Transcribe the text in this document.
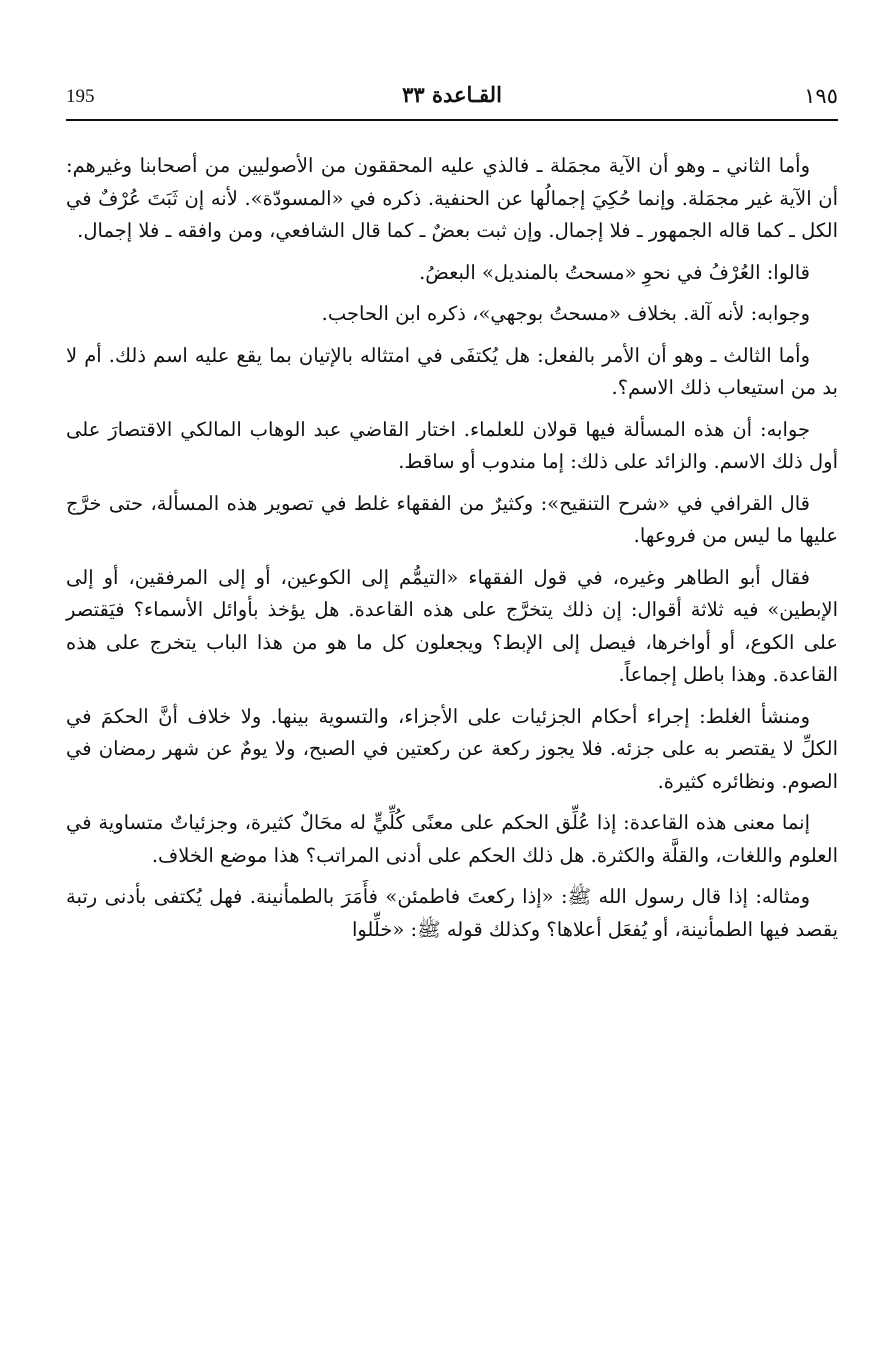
195	القـاعدة ٣٣	١٩٥

وأما الثاني ـ وهو أن الآية مجمَلة ـ فالذي عليه المحققون من الأصوليين من أصحابنا وغيرهم: أن الآية غير مجمَلة. وإنما حُكِيَ إجمالُها عن الحنفية. ذكره في «المسودّة». لأنه إن ثَبَتَ عُرْفٌ في الكل ـ كما قاله الجمهور ـ فلا إجمال. وإن ثبت بعضٌ ـ كما قال الشافعي، ومن وافقه ـ فلا إجمال.

قالوا: العُرْفُ في نحوِ «مسحتُ بالمنديل» البعضُ.

وجوابه: لأنه آلة. بخلاف «مسحتُ بوجهي»، ذكره ابن الحاجب.

وأما الثالث ـ وهو أن الأمر بالفعل: هل يُكتفَى في امتثاله بالإتيان بما يقع عليه اسم ذلك. أم لا بد من استيعاب ذلك الاسم؟.

جوابه: أن هذه المسألة فيها قولان للعلماء. اختار القاضي عبد الوهاب المالكي الاقتصارَ على أول ذلك الاسم. والزائد على ذلك: إما مندوب أو ساقط.

قال القرافي في «شرح التنقيح»: وكثيرٌ من الفقهاء غلط في تصوير هذه المسألة، حتى خرَّج عليها ما ليس من فروعها.

فقال أبو الطاهر وغيره، في قول الفقهاء «التيمُّم إلى الكوعين، أو إلى المرفقين، أو إلى الإبطين» فيه ثلاثة أقوال: إن ذلك يتخرَّج على هذه القاعدة. هل يؤخذ بأوائل الأسماء؟ فيَقتصر على الكوع، أو أواخرها، فيصل إلى الإبط؟ ويجعلون كل ما هو من هذا الباب يتخرج على هذه القاعدة. وهذا باطل إجماعاً.

ومنشأ الغلط: إجراء أحكام الجزئيات على الأجزاء، والتسوية بينها. ولا خلاف أنَّ الحكمَ في الكلِّ لا يقتصر به على جزئه. فلا يجوز ركعة عن ركعتين في الصبح، ولا يومٌ عن شهر رمضان في الصوم. ونظائره كثيرة.

إنما معنى هذه القاعدة: إذا عُلِّق الحكم على معنًى كُلِّيٍّ له محَالٌ كثيرة، وجزئياتٌ متساوية في العلوم واللغات، والقلَّة والكثرة. هل ذلك الحكم على أدنى المراتب؟ هذا موضع الخلاف.

ومثاله: إذا قال رسول الله ﷺ: «إذا ركعتَ فاطمئن» فأَمَرَ بالطمأنينة. فهل يُكتفى بأدنى رتبة يقصد فيها الطمأنينة، أو يُفعَل أعلاها؟ وكذلك قوله ﷺ: «خلِّلوا
